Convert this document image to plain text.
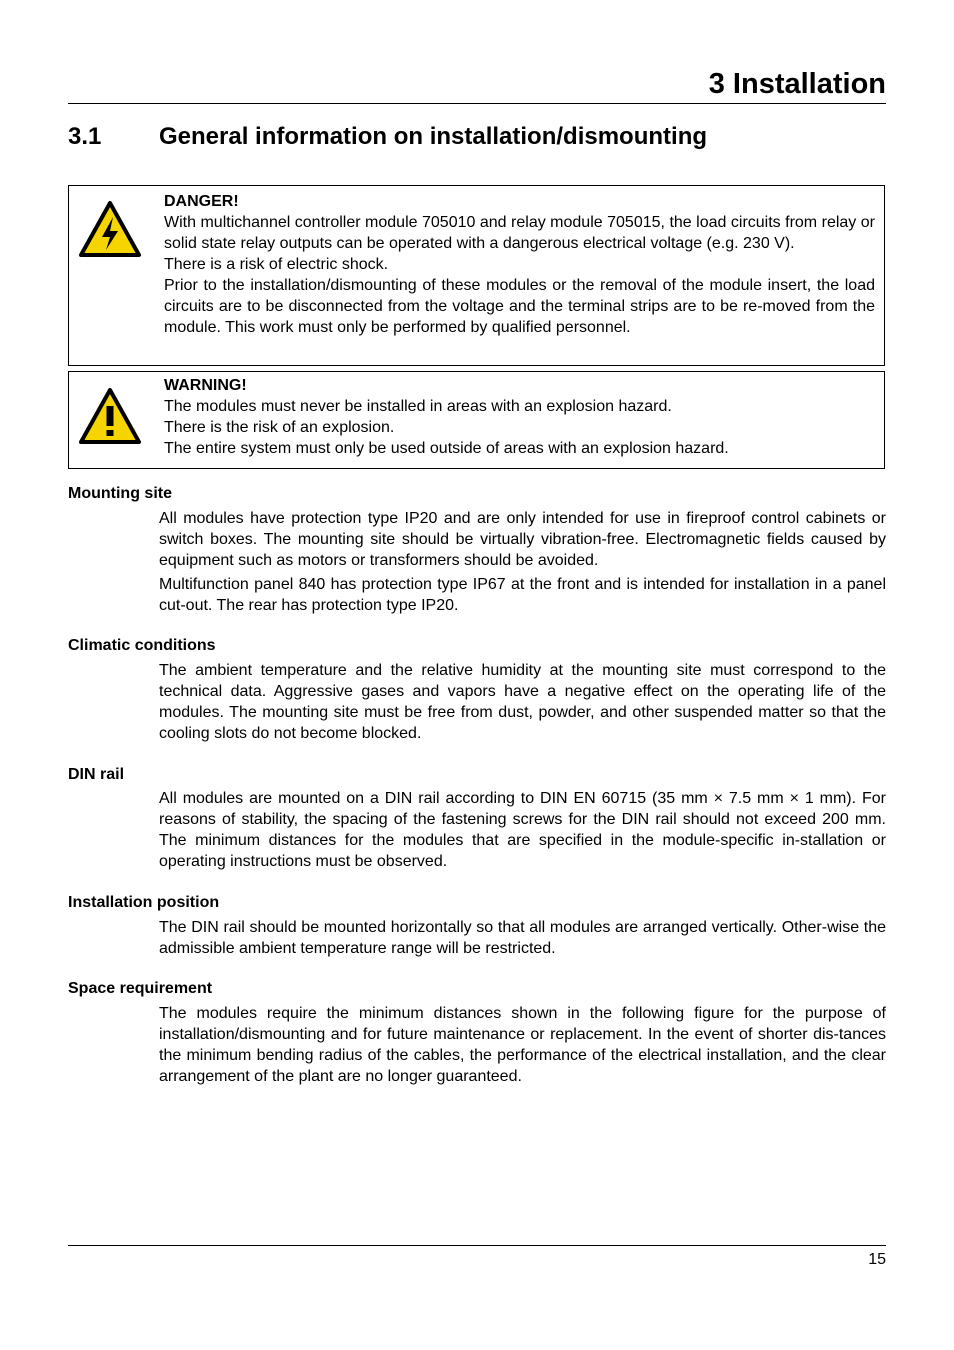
3 Installation
3.1 General information on installation/dismounting
DANGER!
With multichannel controller module 705010 and relay module 705015, the load circuits from relay or solid state relay outputs can be operated with a dangerous electrical voltage (e.g. 230 V).
There is a risk of electric shock.
Prior to the installation/dismounting of these modules or the removal of the module insert, the load circuits are to be disconnected from the voltage and the terminal strips are to be re-moved from the module. This work must only be performed by qualified personnel.
WARNING!
The modules must never be installed in areas with an explosion hazard.
There is the risk of an explosion.
The entire system must only be used outside of areas with an explosion hazard.
Mounting site

All modules have protection type IP20 and are only intended for use in fireproof control cabinets or switch boxes. The mounting site should be virtually vibration-free. Electromagnetic fields caused by equipment such as motors or transformers should be avoided.

Multifunction panel 840 has protection type IP67 at the front and is intended for installation in a panel cut-out. The rear has protection type IP20.

Climatic conditions

The ambient temperature and the relative humidity at the mounting site must correspond to the technical data. Aggressive gases and vapors have a negative effect on the operating life of the modules. The mounting site must be free from dust, powder, and other suspended matter so that the cooling slots do not become blocked.

DIN rail

All modules are mounted on a DIN rail according to DIN EN 60715 (35 mm × 7.5 mm × 1 mm). For reasons of stability, the spacing of the fastening screws for the DIN rail should not exceed 200 mm. The minimum distances for the modules that are specified in the module-specific in-stallation or operating instructions must be observed.

Installation position

The DIN rail should be mounted horizontally so that all modules are arranged vertically. Other-wise the admissible ambient temperature range will be restricted.

Space requirement

The modules require the minimum distances shown in the following figure for the purpose of installation/dismounting and for future maintenance or replacement. In the event of shorter dis-tances the minimum bending radius of the cables, the performance of the electrical installation, and the clear arrangement of the plant are no longer guaranteed.

15
